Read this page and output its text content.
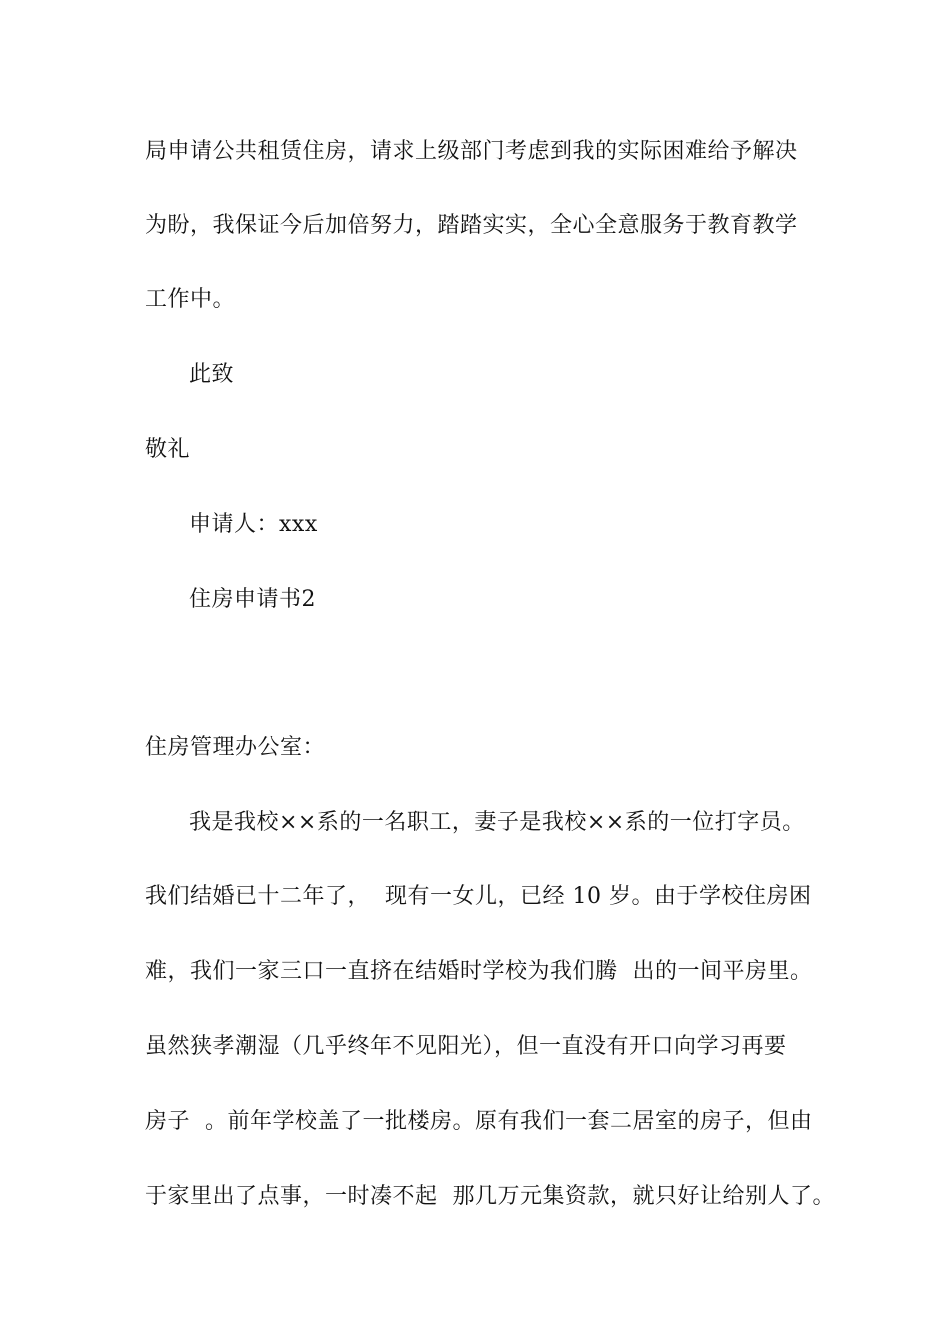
局申请公共租赁住房，请求上级部门考虑到我的实际困难给予解决
为盼，我保证今后加倍努力，踏踏实实，全心全意服务于教育教学
工作中。
此致
敬礼
申请人：xxx
住房申请书2
住房管理办公室：
我是我校××系的一名职工，妻子是我校××系的一位打字员。
我们结婚已十二年了，  现有一女儿，已经 10 岁。由于学校住房困
难，我们一家三口一直挤在结婚时学校为我们腾  出的一间平房里。
虽然狭孝潮湿（几乎终年不见阳光），但一直没有开口向学习再要
房子  。前年学校盖了一批楼房。原有我们一套二居室的房子，但由
于家里出了点事，一时凑不起  那几万元集资款，就只好让给别人了。
